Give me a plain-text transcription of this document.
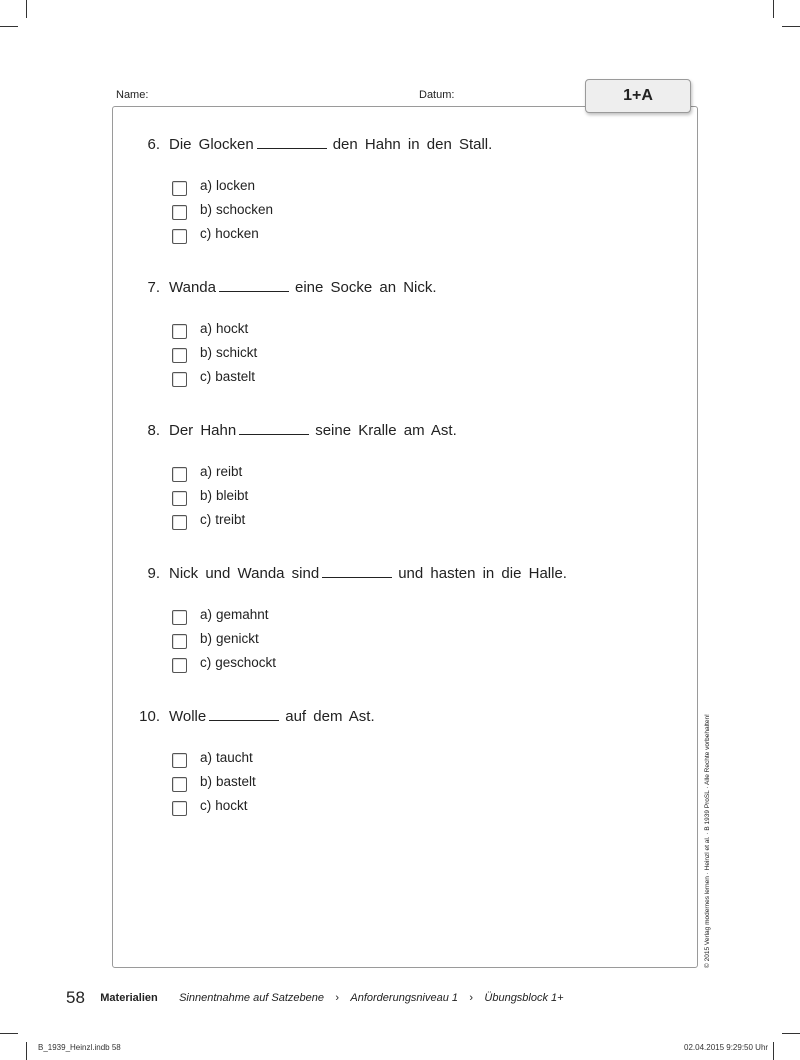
Name:	Datum:	1+A
6. Die Glocken	den Hahn in den Stall.
a) locken
b) schocken
c) hocken
7. Wanda	eine Socke an Nick.
a) hockt
b) schickt
c) bastelt
8. Der Hahn	seine Kralle am Ast.
a) reibt
b) bleibt
c) treibt
9. Nick und Wanda sind	und hasten in die Halle.
a) gemahnt
b) genickt
c) geschockt
10. Wolle	auf dem Ast.
a) taucht
b) bastelt
c) hockt	© 2015 Verlag modernes lernen · Heinzl et al. · B 1939 ProSL · Alle Rechte vorbehalten!
58 Materialien Sinnentnahme auf Satzebene › Anforderungsniveau 1 › Übungsblock 1+
B_1939_Heinzl.indb 58	02.04.2015 9:29:50 Uhr
